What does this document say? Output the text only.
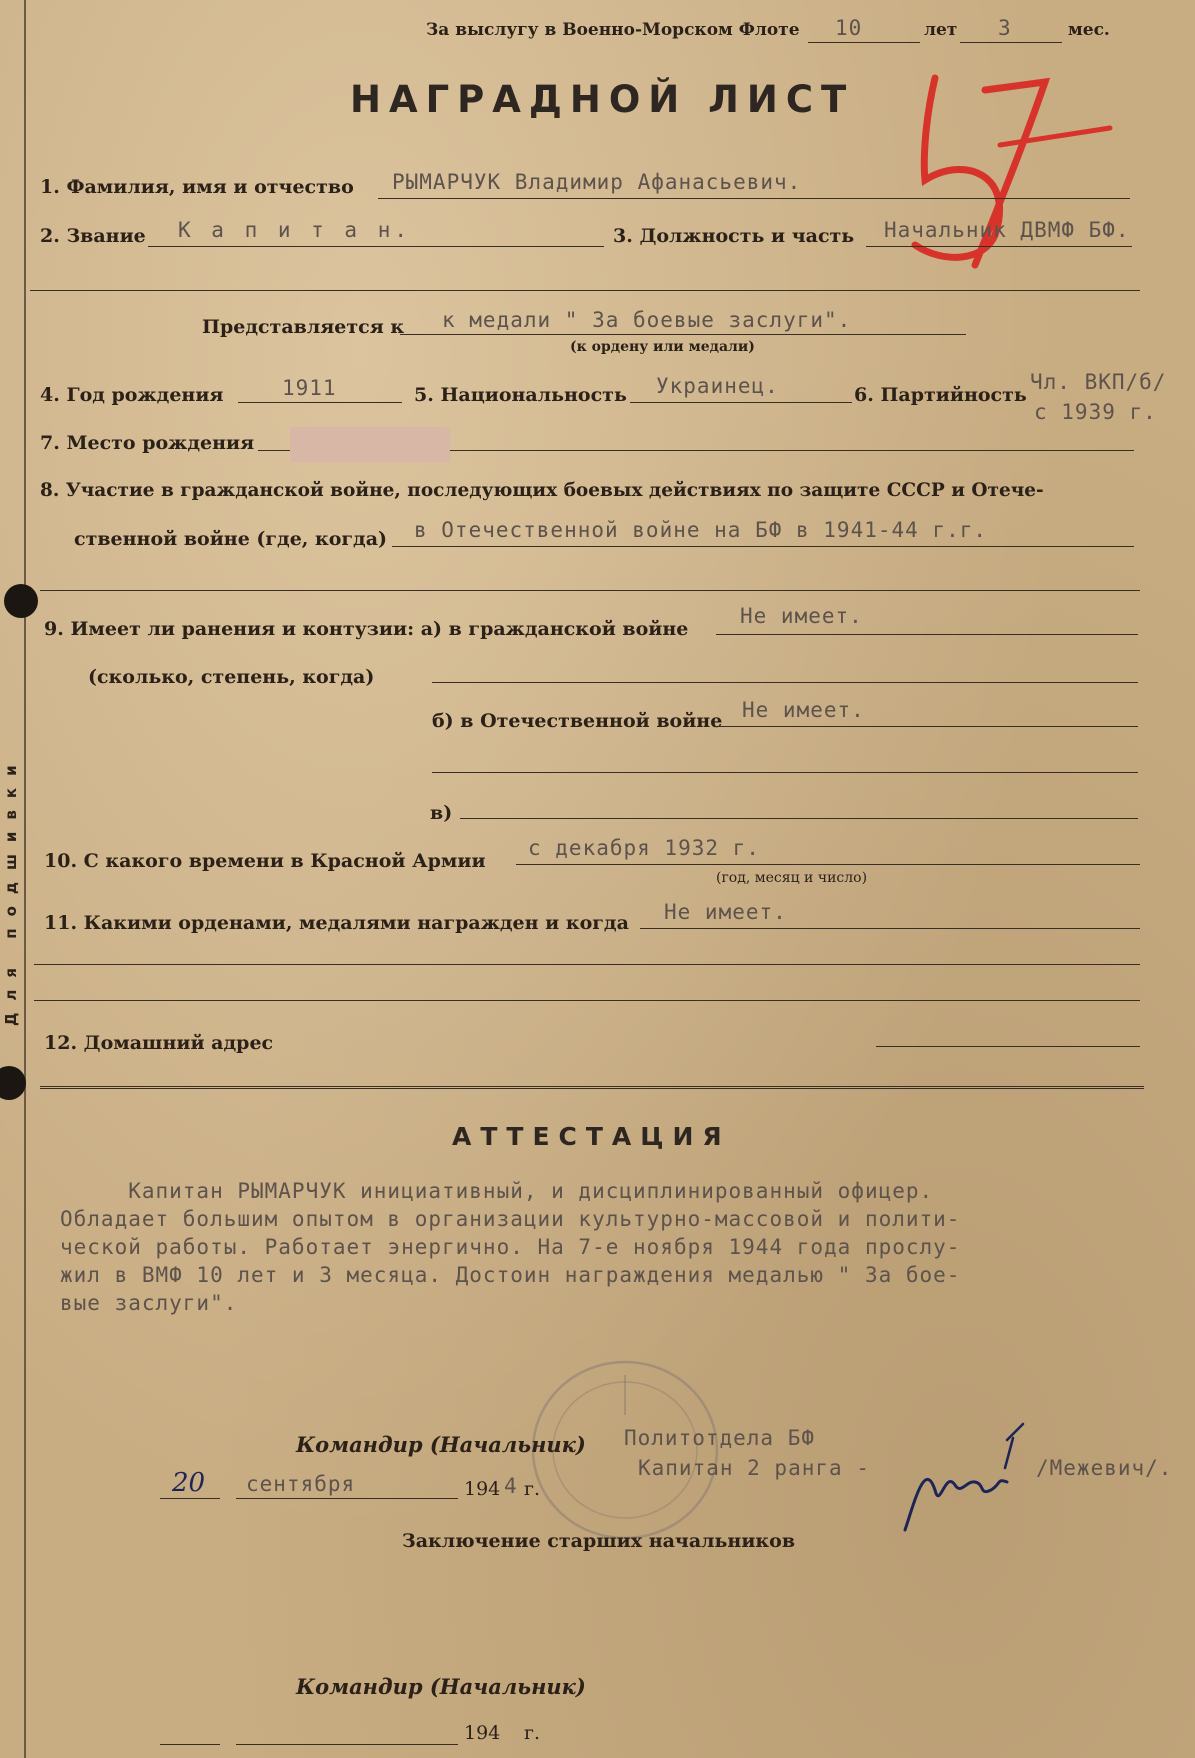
Для подшивки
За выслугу в Военно-Морском Флоте 10	лет 3	мес.
НАГРАДНОЙ ЛИСТ
1. Фамилия, имя и отчество РЫМАРЧУК Владимир Афанасьевич.
2. Звание К а п и т а н.	3. Должность и часть Начальник ДВМФ БФ.
Представляется к к медали " За боевые заслуги".
(к ордену или медали)
4. Год рождения	1911	5. Национальность Украинец.	6. Партийность
Чл. ВКП/б/
с 1939 г.
7. Место рождения
8. Участие в гражданской войне, последующих боевых действиях по защите СССР и Отече-
ственной войне (где, когда) в Отечественной войне на БФ в 1941-44 г.г.
9. Имеет ли ранения и контузии: а) в гражданской войне
Не имеет.
(сколько, степень, когда)
б) в Отечественной войне Не имеет.
в)
10. С какого времени в Красной Армии
с декабря 1932 г.
(год, месяц и число)
11. Какими орденами, медалями награжден и когда Не имеет.
12. Домашний адрес
АТТЕСТАЦИЯ
Капитан РЫМАРЧУК инициативный, и дисциплинированный офицер.
Обладает большим опытом в организации культурно-массовой и полити-
ческой работы. Работает энергично. На 7-е ноября 1944 года прослу-
жил в ВМФ 10 лет и 3 месяца. Достоин награждения медалью " За бое-
вые заслуги".
Командир (Начальник) Политотдела БФ
Капитан 2 ранга -	/Межевич/.
20 сентября	194 4 г.
Заключение старших начальников
Командир (Начальник)
194 г.
